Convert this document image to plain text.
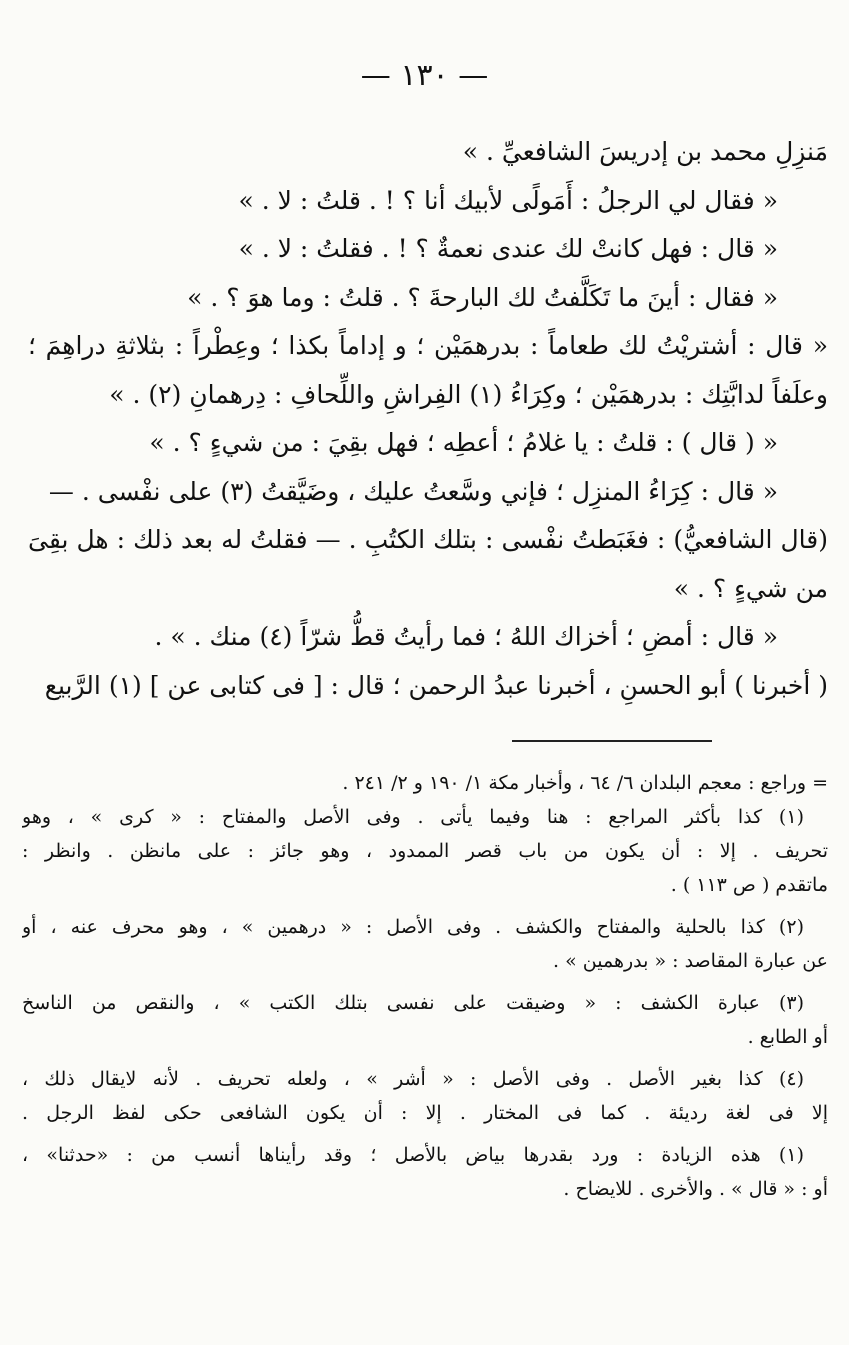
— ١٣٠ —
مَنزِلِ محمد بن إدريسَ الشافعيِّ . »
« فقال لي الرجلُ : أَمَولًى لأبيك أنا ؟ ! . قلتُ : لا . »
« قال : فهل كانتْ لك عندى نعمةٌ ؟ ! . فقلتُ : لا . »
« فقال : أينَ ما تَكَلَّفتُ لك البارحةَ ؟ . قلتُ : وما هوَ ؟ . »
« قال : أشتريْتُ لك طعاماً : بدرهمَيْن ؛ و إداماً بكذا ؛ وعِطْراً : بثلاثةِ دراهِمَ ؛
وعلَفاً لدابَّتِك : بدرهمَيْن ؛ وكِرَاءُ (١) الفِراشِ واللِّحافِ : دِرهمانِ (٢) . »
« ( قال ) : قلتُ : يا غلامُ ؛ أعطِه ؛ فهل بقِيَ : من شيءٍ ؟ . »
« قال : كِرَاءُ المنزِل ؛ فإني وسَّعتُ عليك ، وضَيَّقتُ (٣) على نفْسى . —
(قال الشافعيُّ) : فغَبَطتُ نفْسى : بتلك الكتُبِ . — فقلتُ له بعد ذلك : هل بقِىَ
من شيءٍ ؟ . »
« قال : أمضِ ؛ أخزاك اللهُ ؛ فما رأيتُ قطُّ شرّاً (٤) منك . » .
( أخبرنا ) أبو الحسنِ ، أخبرنا عبدُ الرحمن ؛ قال : [ فى كتابى عن ] (١) الرَّبيع
= وراجع : معجم البلدان ٦/ ٦٤ ، وأخبار مكة ١/ ١٩٠ و ٢/ ٢٤١ .
(١) كذا بأكثر المراجع : هنا وفيما يأتى . وفى الأصل والمفتاح : « كرى » ، وهو
تحريف . إلا : أن يكون من باب قصر الممدود ، وهو جائز : على مانظن . وانظر :
ماتقدم ( ص ١١٣ ) .
(٢) كذا بالحلية والمفتاح والكشف . وفى الأصل : « درهمين » ، وهو محرف عنه ، أو
عن عبارة المقاصد : « بدرهمين » .
(٣) عبارة الكشف : « وضيقت على نفسى بتلك الكتب » ، والنقص من الناسخ
أو الطابع .
(٤) كذا بغير الأصل . وفى الأصل : « أشر » ، ولعله تحريف . لأنه لايقال ذلك ،
إلا فى لغة رديئة . كما فى المختار . إلا : أن يكون الشافعى حكى لفظ الرجل .
(١) هذه الزيادة : ورد بقدرها بياض بالأصل ؛ وقد رأيناها أنسب من : «حدثنا» ،
أو : « قال » . والأخرى . للايضاح .
